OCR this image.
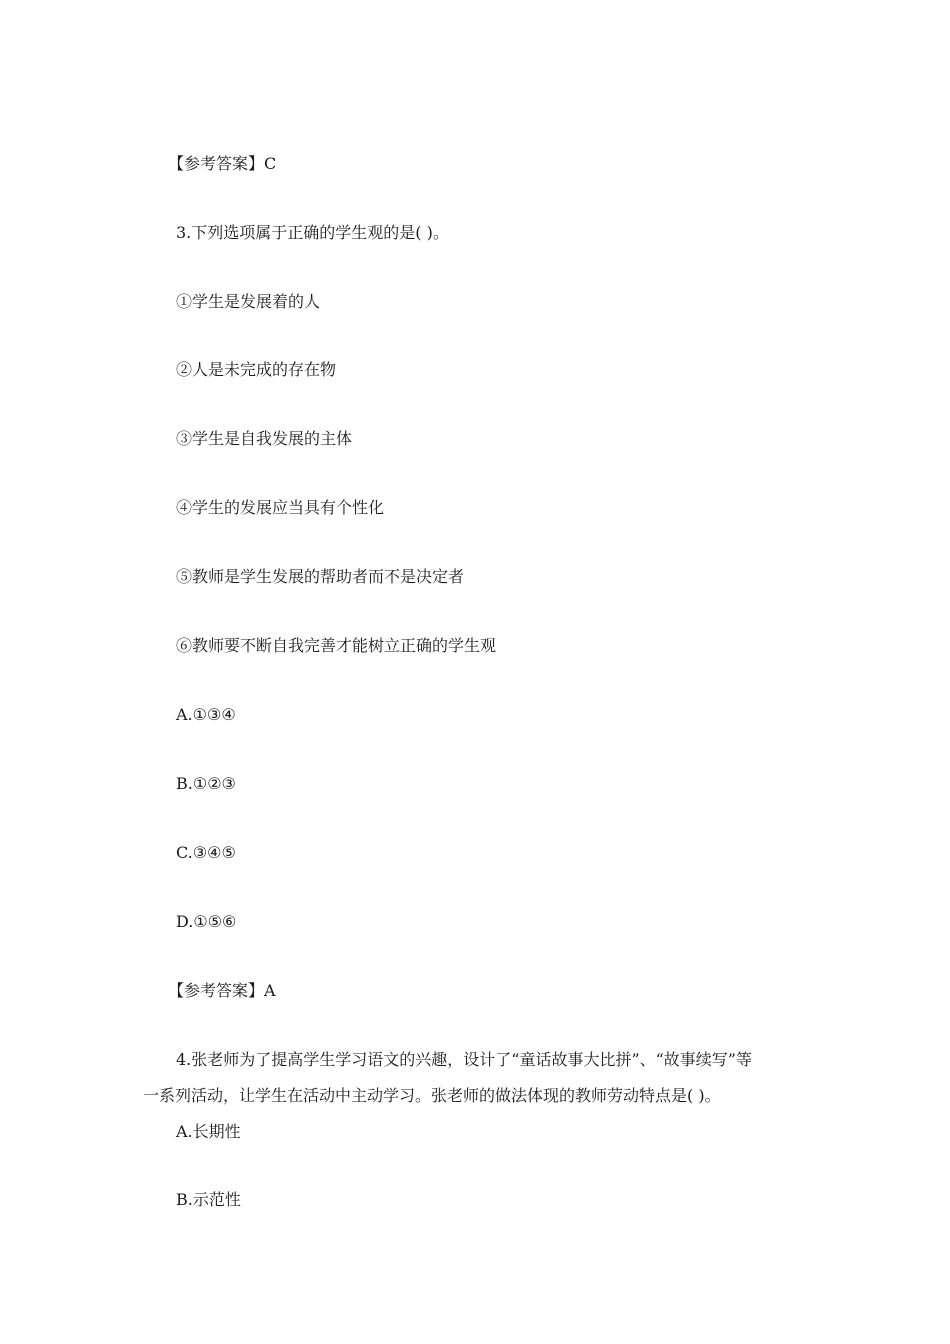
【参考答案】C
3.下列选项属于正确的学生观的是( )。
①学生是发展着的人
②人是未完成的存在物
③学生是自我发展的主体
④学生的发展应当具有个性化
⑤教师是学生发展的帮助者而不是决定者
⑥教师要不断自我完善才能树立正确的学生观
A.①③④
B.①②③
C.③④⑤
D.①⑤⑥
【参考答案】A
4.张老师为了提高学生学习语文的兴趣，设计了“童话故事大比拼”、“故事续写”等
一系列活动，让学生在活动中主动学习。张老师的做法体现的教师劳动特点是( )。
A.长期性
B.示范性
